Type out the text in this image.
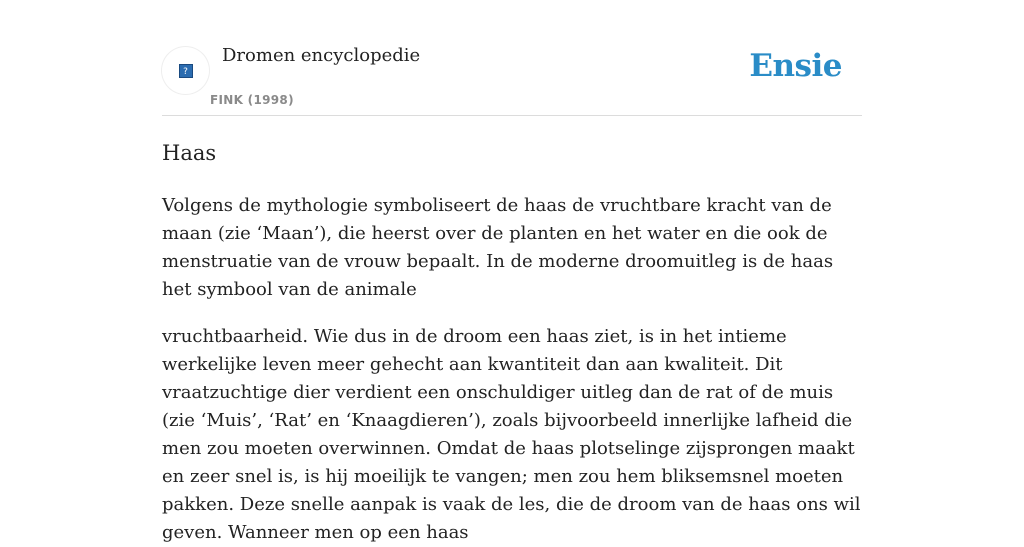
?
Dromen encyclopedie
FINK (1998)
Ensie
Haas

Volgens de mythologie symboliseert de haas de vruchtbare kracht van de maan (zie ‘Maan’), die heerst over de planten en het water en die ook de menstruatie van de vrouw bepaalt. In de moderne droomuitleg is de haas het symbool van de animale

vruchtbaarheid. Wie dus in de droom een haas ziet, is in het intieme werkelijke leven meer gehecht aan kwantiteit dan aan kwaliteit. Dit vraatzuchtige dier verdient een onschuldiger uitleg dan de rat of de muis (zie ‘Muis’, ‘Rat’ en ‘Knaagdieren’), zoals bijvoorbeeld innerlijke lafheid die men zou moeten overwinnen. Omdat de haas plotselinge zijsprongen maakt en zeer snel is, is hij moeilijk te vangen; men zou hem bliksemsnel moeten pakken. Deze snelle aanpak is vaak de les, die de droom van de haas ons wil geven. Wanneer men op een haas
